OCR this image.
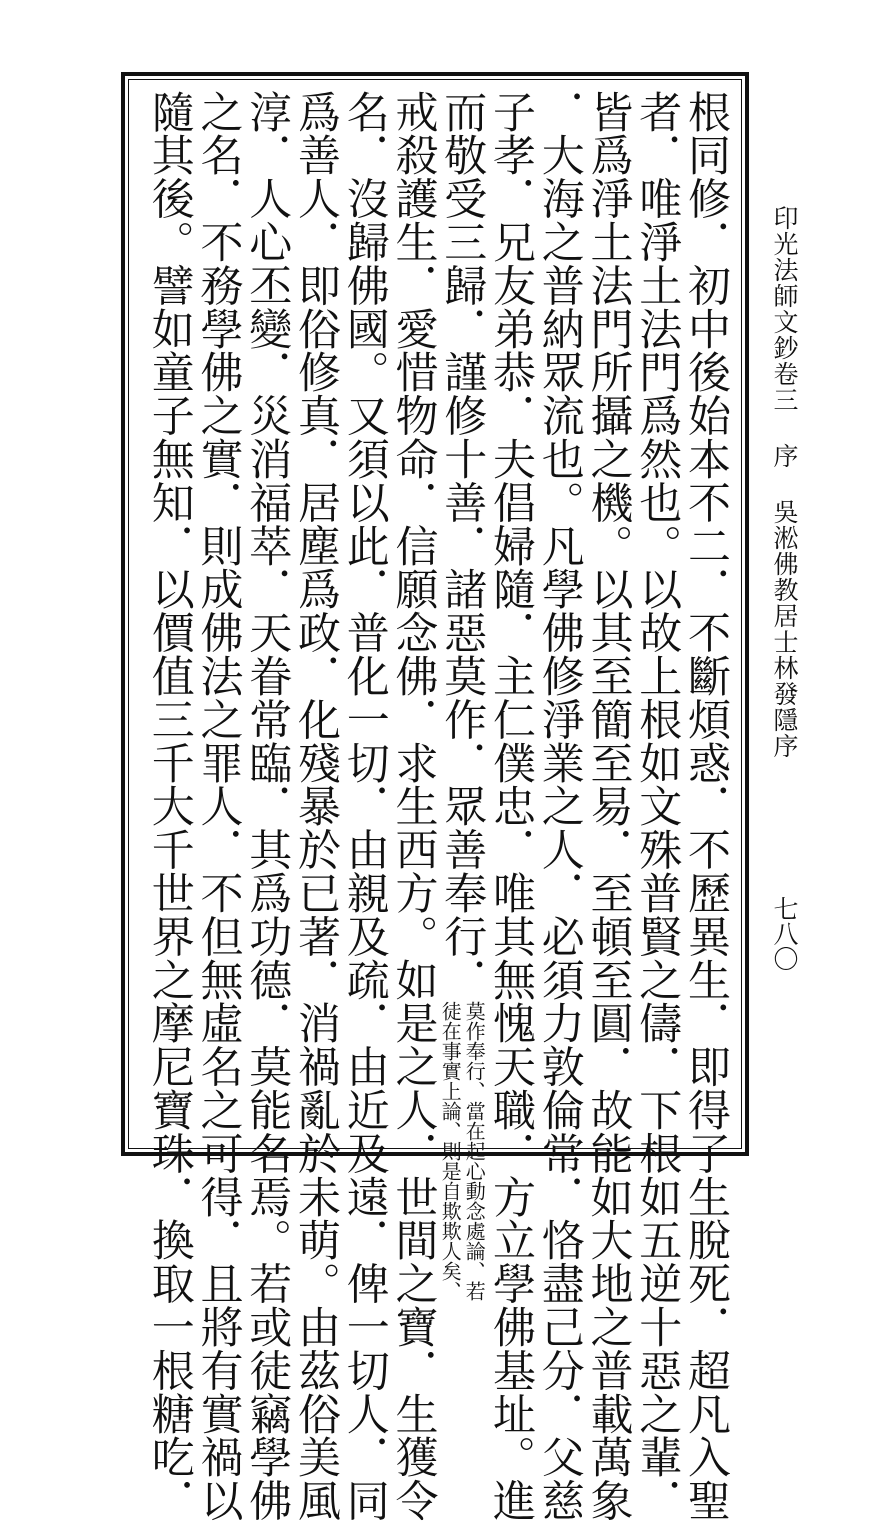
根同修．初中後始本不二．不斷煩惑．不歷異生．即得了生脫死．超凡入聖
者．唯淨土法門爲然也。以故上根如文殊普賢之儔．下根如五逆十惡之輩．
皆爲淨土法門所攝之機。以其至簡至易．至頓至圓．故能如大地之普載萬象
．大海之普納眾流也。凡學佛修淨業之人．必須力敦倫常．恪盡己分．父慈
子孝．兄友弟恭．夫倡婦隨．主仁僕忠．唯其無愧天職．方立學佛基址。進
而敬受三歸．謹修十善．諸惡莫作．眾善奉行．
莫作奉行、當在起心動念處論、若
徒在事實上論、則是自欺欺人矣、
戒殺護生．愛惜物命．信願念佛．求生西方。如是之人．世間之寶．生獲令
名．沒歸佛國。又須以此．普化一切．由親及疏．由近及遠．俾一切人．同
爲善人．即俗修真．居塵爲政．化殘暴於已著．消禍亂於未萌。由茲俗美風
淳．人心丕變．災消福萃．天眷常臨．其爲功德．莫能名焉。若或徒竊學佛
之名．不務學佛之實．則成佛法之罪人．不但無虛名之可得．且將有實禍以
隨其後。譬如童子無知．以價值三千大千世界之摩尼寶珠．換取一根糖吃．	印光法師文鈔卷三序吳淞佛教居士林發隱序
七八〇
